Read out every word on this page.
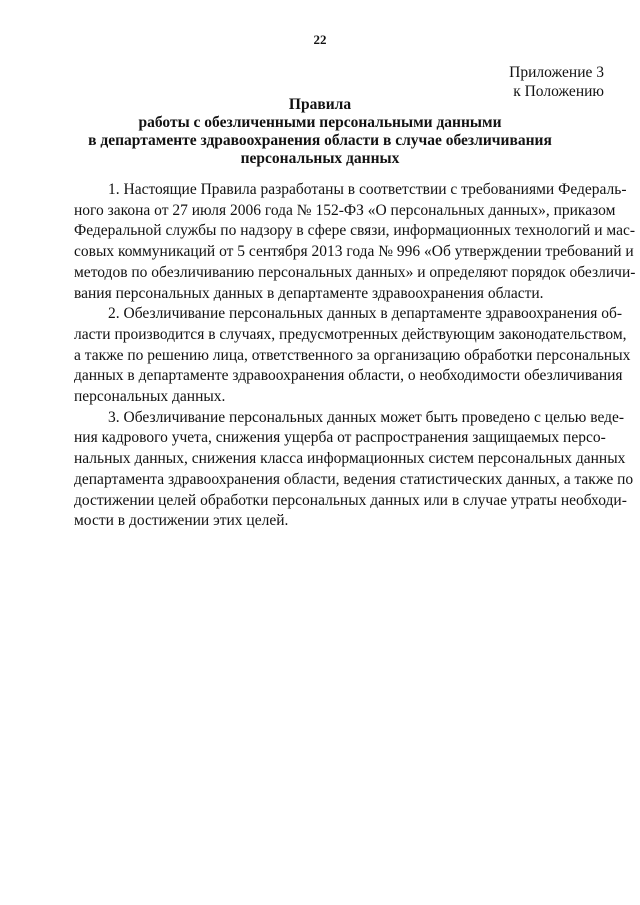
22
Приложение 3
к Положению
Правила
работы с обезличенными персональными данными
в департаменте здравоохранения области в случае обезличивания
персональных данных
1. Настоящие Правила разработаны в соответствии с требованиями Федераль-
ного закона от 27 июля 2006 года № 152-ФЗ «О персональных данных», приказом
Федеральной службы по надзору в сфере связи, информационных технологий и мас-
совых коммуникаций от 5 сентября 2013 года № 996 «Об утверждении требований и
методов по обезличиванию персональных данных» и определяют порядок обезличи-
вания персональных данных в департаменте здравоохранения области.
2. Обезличивание персональных данных в департаменте здравоохранения об-
ласти производится в случаях, предусмотренных действующим законодательством,
а также по решению лица, ответственного за организацию обработки персональных
данных в департаменте здравоохранения области, о необходимости обезличивания
персональных данных.
3. Обезличивание персональных данных может быть проведено с целью веде-
ния кадрового учета, снижения ущерба от распространения защищаемых персо-
нальных данных, снижения класса информационных систем персональных данных
департамента здравоохранения области, ведения статистических данных, а также по
достижении целей обработки персональных данных или в случае утраты необходи-
мости в достижении этих целей.
